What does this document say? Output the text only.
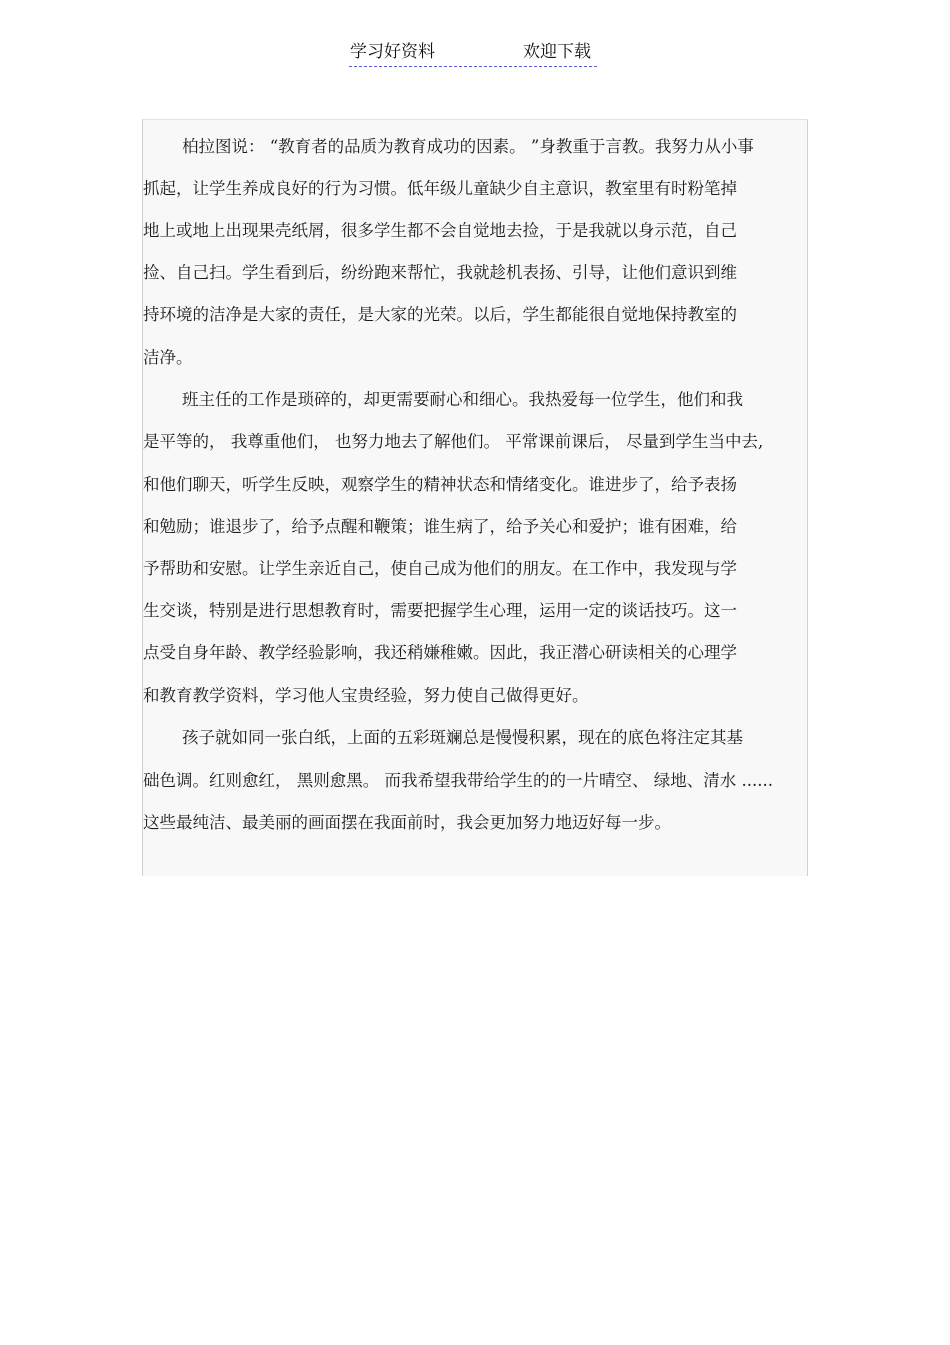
学习好资料	欢迎下载
柏拉图说： “教育者的品质为教育成功的因素。 ”身教重于言教。我努力从小事
抓起，让学生养成良好的行为习惯。低年级儿童缺少自主意识，教室里有时粉笔掉
地上或地上出现果壳纸屑，很多学生都不会自觉地去捡，于是我就以身示范，自己
捡、自己扫。学生看到后，纷纷跑来帮忙，我就趁机表扬、引导，让他们意识到维
持环境的洁净是大家的责任，是大家的光荣。以后，学生都能很自觉地保持教室的
洁净。
班主任的工作是琐碎的，却更需要耐心和细心。我热爱每一位学生，他们和我
是平等的， 我尊重他们， 也努力地去了解他们。 平常课前课后， 尽量到学生当中去,
和他们聊天，听学生反映，观察学生的精神状态和情绪变化。谁进步了，给予表扬
和勉励；谁退步了，给予点醒和鞭策；谁生病了，给予关心和爱护；谁有困难，给
予帮助和安慰。让学生亲近自己，使自己成为他们的朋友。在工作中，我发现与学
生交谈，特别是进行思想教育时，需要把握学生心理，运用一定的谈话技巧。这一
点受自身年龄、教学经验影响，我还稍嫌稚嫩。因此，我正潜心研读相关的心理学
和教育教学资料，学习他人宝贵经验，努力使自己做得更好。
孩子就如同一张白纸，上面的五彩斑斓总是慢慢积累，现在的底色将注定其基
础色调。红则愈红， 黑则愈黑。 而我希望我带给学生的的一片晴空、 绿地、清水 ......
这些最纯洁、最美丽的画面摆在我面前时，我会更加努力地迈好每一步。
